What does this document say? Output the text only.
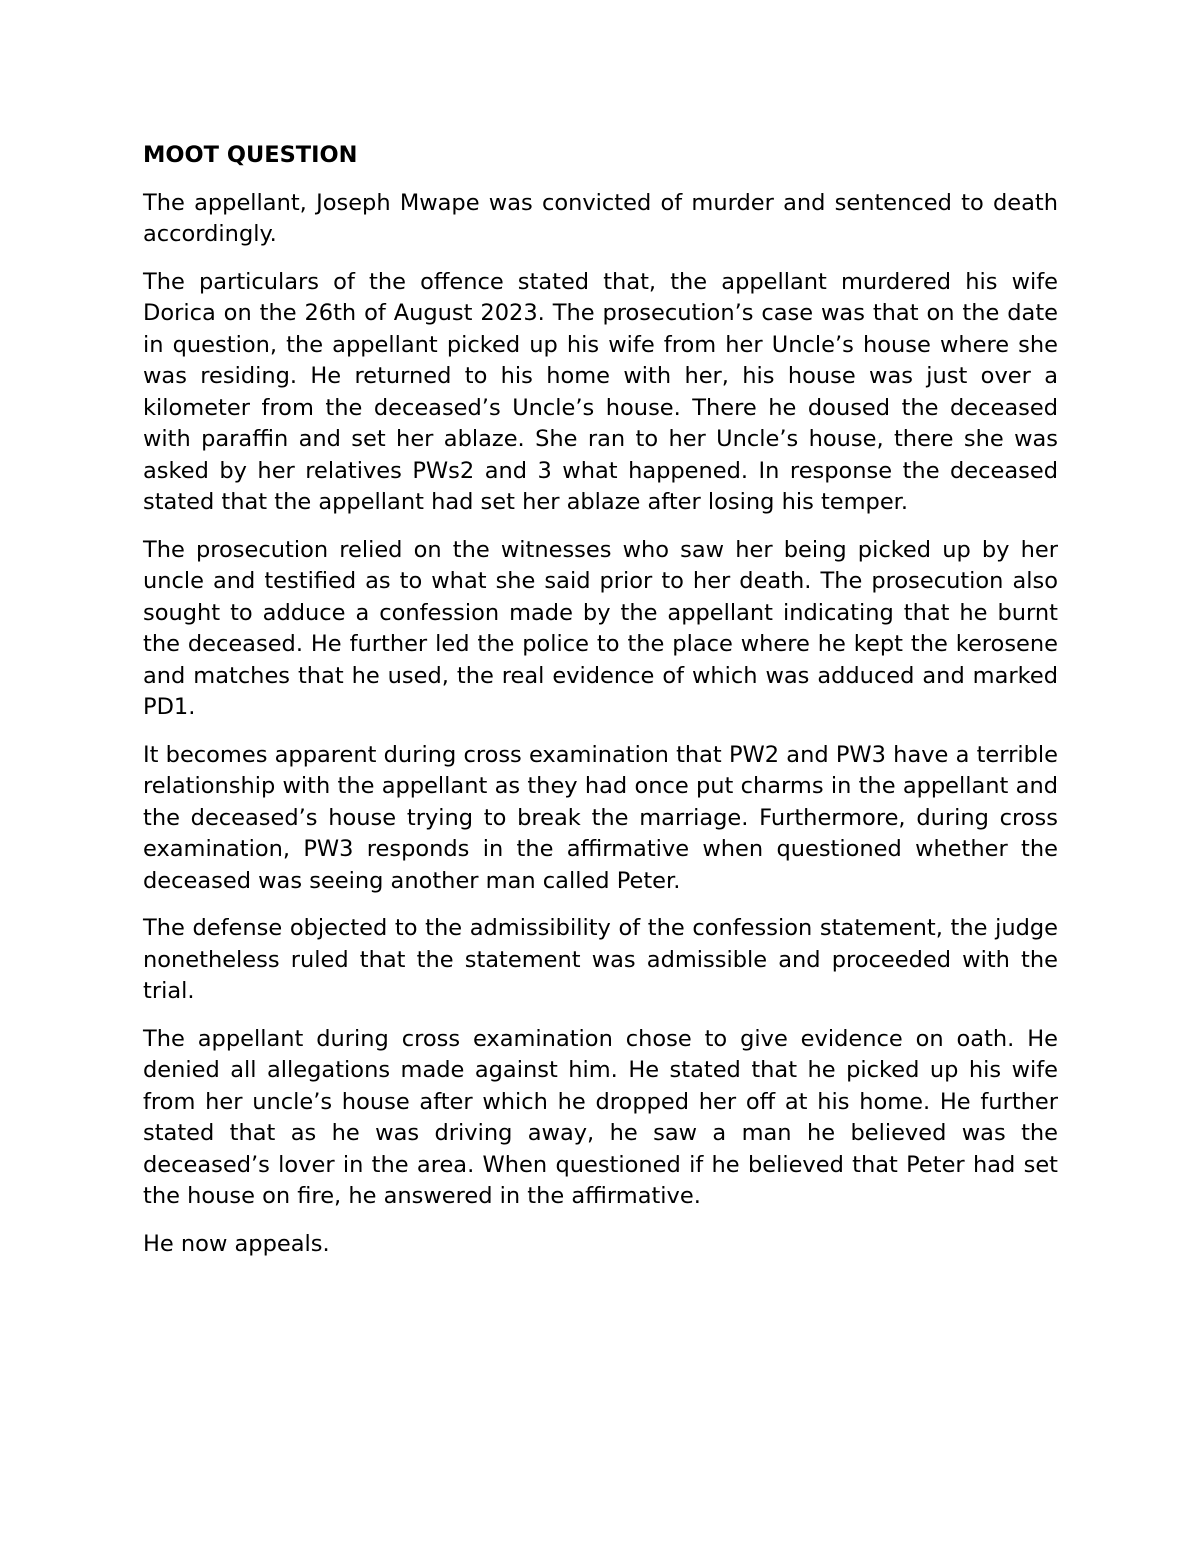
MOOT QUESTION

The appellant, Joseph Mwape was convicted of murder and sentenced to death accordingly.

The particulars of the offence stated that, the appellant murdered his wife Dorica on the 26th of August 2023. The prosecution’s case was that on the date in question, the appellant picked up his wife from her Uncle’s house where she was residing. He returned to his home with her, his house was just over a kilometer from the deceased’s Uncle’s house. There he doused the deceased with paraffin and set her ablaze. She ran to her Uncle’s house, there she was asked by her relatives PWs2 and 3 what happened. In response the deceased stated that the appellant had set her ablaze after losing his temper.

The prosecution relied on the witnesses who saw her being picked up by her uncle and testified as to what she said prior to her death. The prosecution also sought to adduce a confession made by the appellant indicating that he burnt the deceased. He further led the police to the place where he kept the kerosene and matches that he used, the real evidence of which was adduced and marked PD1.

It becomes apparent during cross examination that PW2 and PW3 have a terrible relationship with the appellant as they had once put charms in the appellant and the deceased’s house trying to break the marriage. Furthermore, during cross examination, PW3 responds in the affirmative when questioned whether the deceased was seeing another man called Peter.

The defense objected to the admissibility of the confession statement, the judge nonetheless ruled that the statement was admissible and proceeded with the trial.

The appellant during cross examination chose to give evidence on oath. He denied all allegations made against him. He stated that he picked up his wife from her uncle’s house after which he dropped her off at his home. He further stated that as he was driving away, he saw a man he believed was the deceased’s lover in the area. When questioned if he believed that Peter had set the house on fire, he answered in the affirmative.

He now appeals.
